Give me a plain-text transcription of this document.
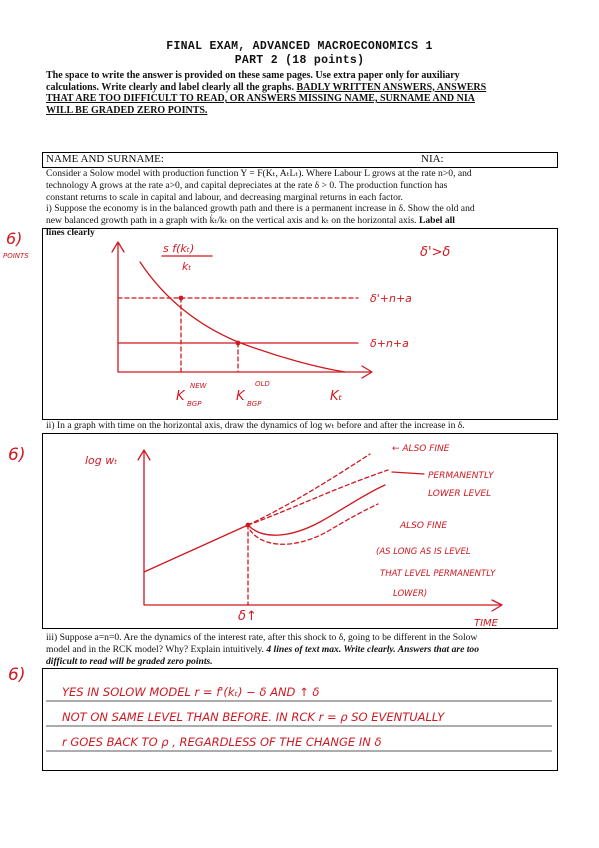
FINAL EXAM, ADVANCED MACROECONOMICS 1
PART 2 (18 points)
The space to write the answer is provided on these same pages. Use extra paper only for auxiliary
calculations. Write clearly and label clearly all the graphs. BADLY WRITTEN ANSWERS, ANSWERS
THAT ARE TOO DIFFICULT TO READ, OR ANSWERS MISSING NAME, SURNAME AND NIA
WILL BE GRADED ZERO POINTS.
NAME AND SURNAME:	NIA:
Consider a Solow model with production function Y = F(Kₜ, AₜLₜ). Where Labour L grows at the rate n>0, and
technology A grows at the rate a>0, and capital depreciates at the rate δ > 0. The production function has
constant returns to scale in capital and labour, and decreasing marginal returns in each factor.
i) Suppose the economy is in the balanced growth path and there is a permanent increase in δ. Show the old and
new balanced growth path in a graph with k̇ₜ/kₜ on the vertical axis and kₜ on the horizontal axis. Label all
lines clearly
6)
POINTS
s f(kₜ)
kₜ
δ'+n+a
δ+n+a
δ'>δ
NEW
K BGP
OLD
K BGP	Kₜ
ii) In a graph with time on the horizontal axis, draw the dynamics of log wₜ before and after the increase in δ.
6)	log wₜ
δ↑
← ALSO FINE
PERMANENTLY
LOWER LEVEL
ALSO FINE
(AS LONG AS IS LEVEL
THAT LEVEL PERMANENTLY
LOWER)
TIME
iii) Suppose a=n=0. Are the dynamics of the interest rate, after this shock to δ, going to be different in the Solow
model and in the RCK model? Why? Explain intuitively. 4 lines of text max. Write clearly. Answers that are too
difficult to read will be graded zero points.
6)
YES IN SOLOW MODEL r = f'(kₜ) − δ AND ↑ δ
NOT ON SAME LEVEL THAN BEFORE. IN RCK r = ρ SO EVENTUALLY
r GOES BACK TO ρ , REGARDLESS OF THE CHANGE IN δ
